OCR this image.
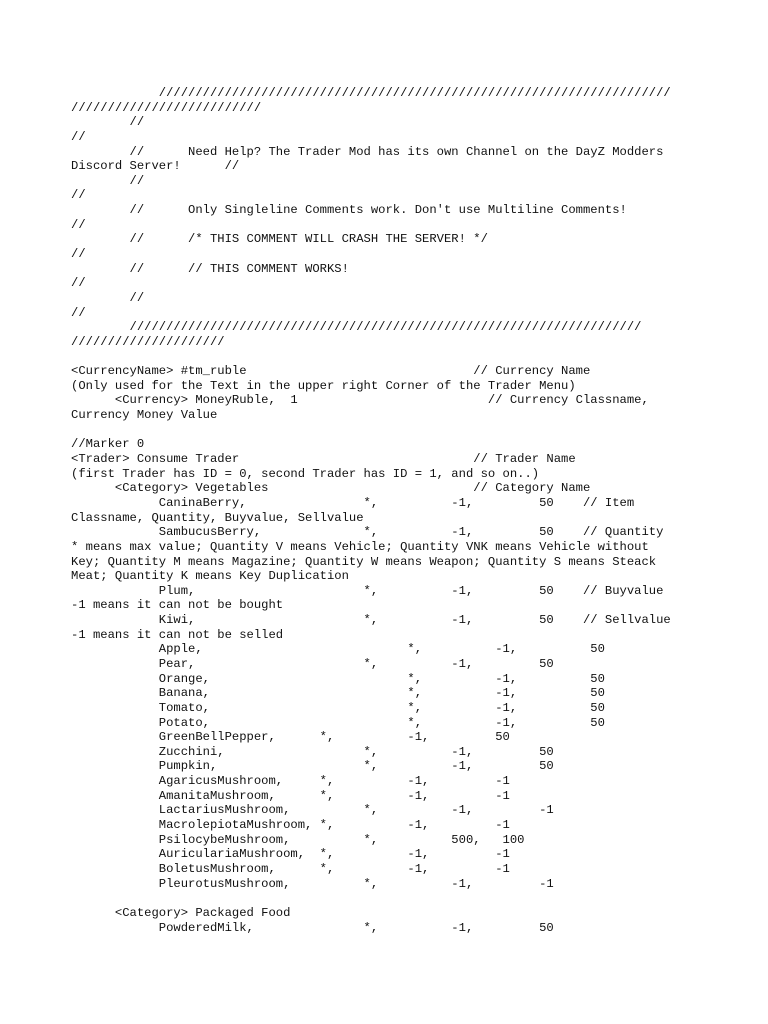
//////////////////////////////////////////////////////////////////////
//////////////////////////
//
//
//      Need Help? The Trader Mod has its own Channel on the DayZ Modders
Discord Server!      //
//
//
//      Only Singleline Comments work. Don't use Multiline Comments!
//
//      /* THIS COMMENT WILL CRASH THE SERVER! */
//
//      // THIS COMMENT WORKS!
//
//
//
//////////////////////////////////////////////////////////////////////
/////////////////////
<CurrencyName> #tm_ruble                               // Currency Name
(Only used for the Text in the upper right Corner of the Trader Menu)
<Currency> MoneyRuble,  1                          // Currency Classname,
Currency Money Value
//Marker 0
<Trader> Consume Trader                                // Trader Name
(first Trader has ID = 0, second Trader has ID = 1, and so on..)
<Category> Vegetables                            // Category Name
CaninaBerry,                *,          -1,         50    // Item
Classname, Quantity, Buyvalue, Sellvalue
SambucusBerry,              *,          -1,         50    // Quantity
* means max value; Quantity V means Vehicle; Quantity VNK means Vehicle without
Key; Quantity M means Magazine; Quantity W means Weapon; Quantity S means Steack
Meat; Quantity K means Key Duplication
Plum,                       *,          -1,         50    // Buyvalue
-1 means it can not be bought
Kiwi,                       *,          -1,         50    // Sellvalue
-1 means it can not be selled
Apple,                            *,          -1,          50
Pear,                       *,          -1,         50
Orange,                           *,          -1,          50
Banana,                           *,          -1,          50
Tomato,                           *,          -1,          50
Potato,                           *,          -1,          50
GreenBellPepper,      *,          -1,         50
Zucchini,                   *,          -1,         50
Pumpkin,                    *,          -1,         50
AgaricusMushroom,     *,          -1,         -1
AmanitaMushroom,      *,          -1,         -1
LactariusMushroom,          *,          -1,         -1
MacrolepiotaMushroom, *,          -1,         -1
PsilocybeMushroom,          *,          500,   100
AuriculariaMushroom,  *,          -1,         -1
BoletusMushroom,      *,          -1,         -1
PleurotusMushroom,          *,          -1,         -1
<Category> Packaged Food
PowderedMilk,               *,          -1,         50
